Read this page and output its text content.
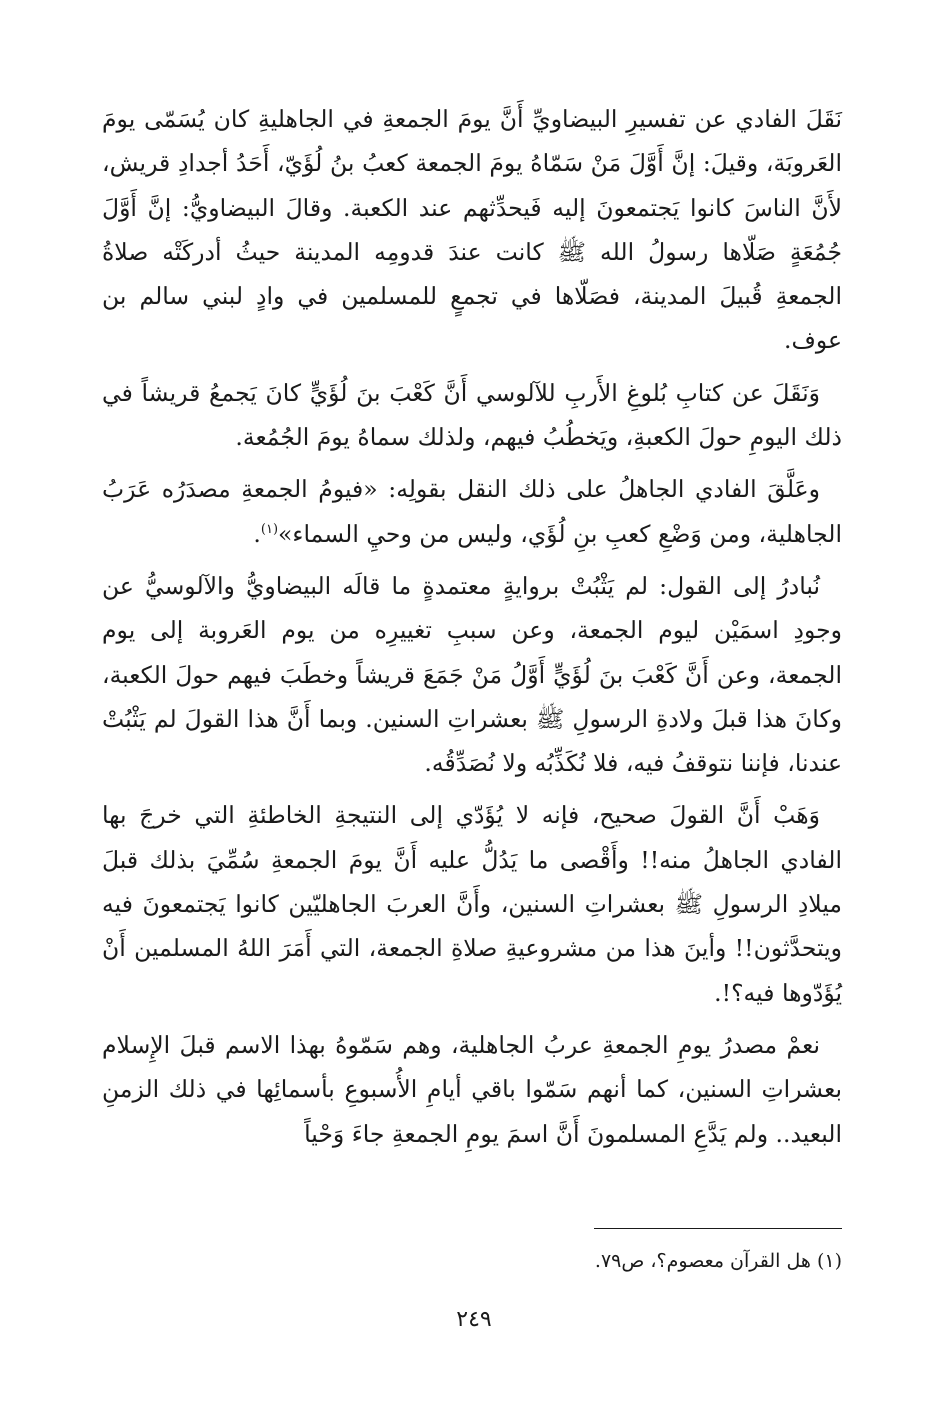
نَقَلَ الفادي عن تفسيرِ البيضاويِّ أَنَّ يومَ الجمعةِ في الجاهليةِ كان يُسَمّى يومَ العَروبَة، وقيلَ: إنَّ أَوَّلَ مَنْ سَمّاهُ يومَ الجمعة كعبُ بنُ لُؤَيّ، أَحَدُ أجدادِ قريش، لأَنَّ الناسَ كانوا يَجتمعونَ إليه فَيحدِّثهم عند الكعبة. وقالَ البيضاويُّ: إنَّ أَوَّلَ جُمُعَةٍ صَلّاها رسولُ الله ﷺ كانت عندَ قدومِه المدينة حيثُ أدركَتْه صلاةُ الجمعةِ قُبيلَ المدينة، فصَلّاها في تجمعٍ للمسلمين في وادٍ لبني سالم بن عوف.

وَنَقَلَ عن كتابِ بُلوغِ الأَربِ للآلوسي أَنَّ كَعْبَ بنَ لُؤَيٍّ كانَ يَجمعُ قريشاً في ذلك اليومِ حولَ الكعبةِ، ويَخطُبُ فيهم، ولذلك سماهُ يومَ الجُمُعة.

وعَلَّقَ الفادي الجاهلُ على ذلك النقل بقولِه: «فيومُ الجمعةِ مصدَرُه عَرَبُ الجاهلية، ومن وَضْعِ كعبِ بنِ لُؤَي، وليس من وحيِ السماء»$^{(١)}$.

نُبادرُ إلى القول: لم يَثْبُتْ بروايةٍ معتمدةٍ ما قالَه البيضاويُّ والآلوسيُّ عن وجودِ اسمَيْن ليوم الجمعة، وعن سببِ تغييرِه من يوم العَروبة إلى يوم الجمعة، وعن أَنَّ كَعْبَ بنَ لُؤَيٍّ أَوَّلُ مَنْ جَمَعَ قريشاً وخطَبَ فيهم حولَ الكعبة، وكانَ هذا قبلَ ولادةِ الرسولِ ﷺ بعشراتِ السنين. وبما أَنَّ هذا القولَ لم يَثْبُتْ عندنا، فإننا نتوقفُ فيه، فلا نُكَذِّبُه ولا نُصَدِّقُه.

وَهَبْ أَنَّ القولَ صحيح، فإنه لا يُؤَدّي إلى النتيجةِ الخاطئةِ التي خرجَ بها الفادي الجاهلُ منه!! وأَقْصى ما يَدُلُّ عليه أَنَّ يومَ الجمعةِ سُمِّيَ بذلك قبلَ ميلادِ الرسولِ ﷺ بعشراتِ السنين، وأَنَّ العربَ الجاهليّين كانوا يَجتمعونَ فيه ويتحدَّثون!! وأينَ هذا من مشروعيةِ صلاةِ الجمعة، التي أَمَرَ اللهُ المسلمين أَنْ يُؤَدّوها فيه؟!.

نعمْ مصدرُ يومِ الجمعةِ عربُ الجاهلية، وهم سَمّوهُ بهذا الاسم قبلَ الإِسلام بعشراتِ السنين، كما أنهم سَمّوا باقي أيامِ الأُسبوعِ بأسمائِها في ذلك الزمنِ البعيد.. ولم يَدَّعِ المسلمونَ أَنَّ اسمَ يومِ الجمعةِ جاءَ وَحْياً

(١) هل القرآن معصوم؟، ص٧٩.
٢٤٩
